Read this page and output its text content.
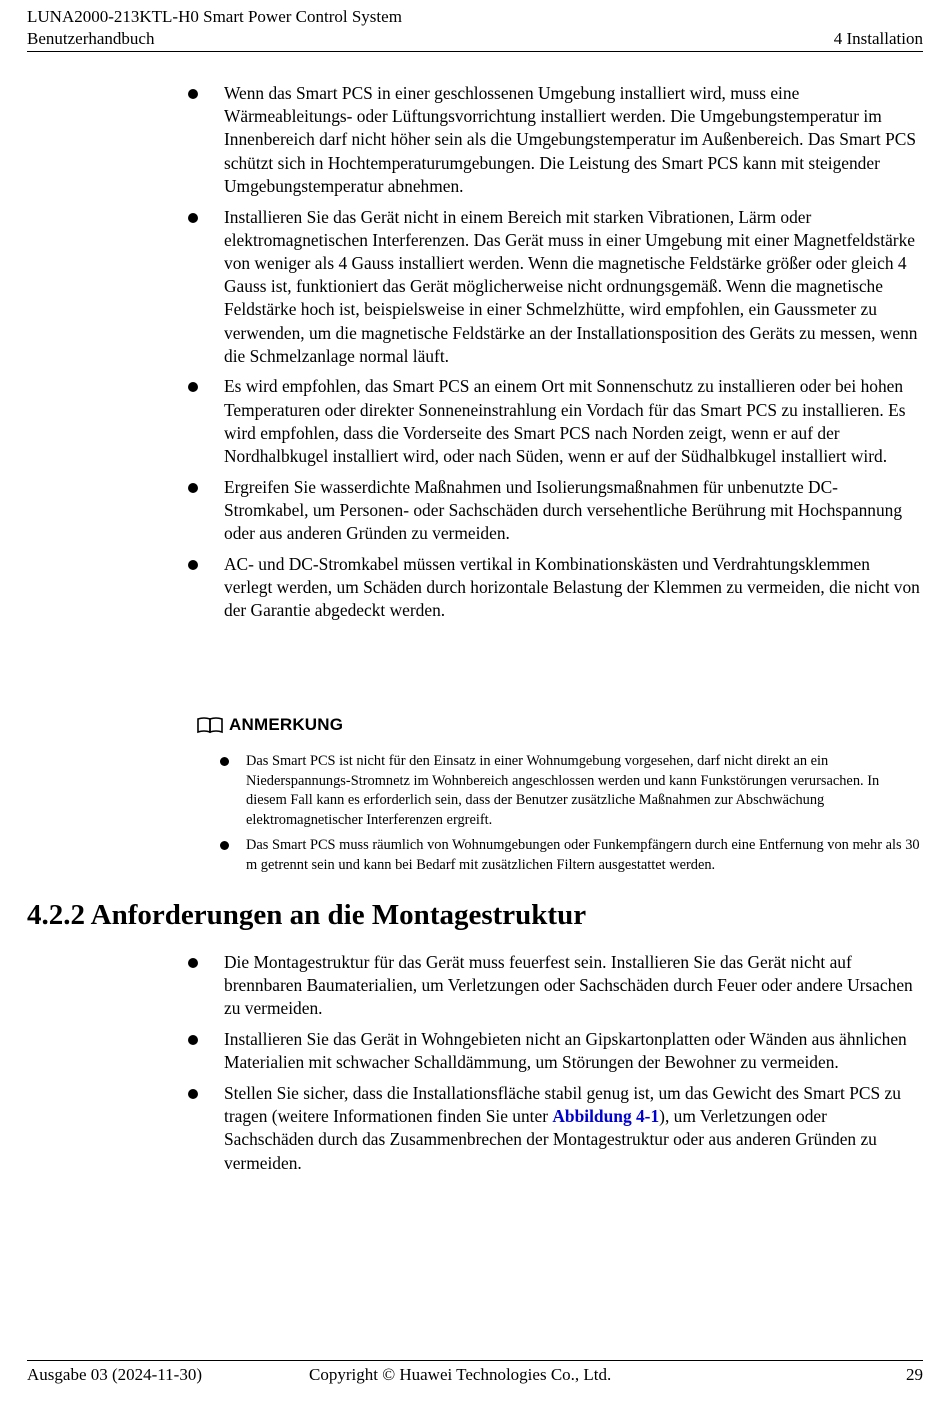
LUNA2000-213KTL-H0 Smart Power Control System
Benutzerhandbuch	4 Installation
Wenn das Smart PCS in einer geschlossenen Umgebung installiert wird, muss eine Wärmeableitungs- oder Lüftungsvorrichtung installiert werden. Die Umgebungstemperatur im Innenbereich darf nicht höher sein als die Umgebungstemperatur im Außenbereich. Das Smart PCS schützt sich in Hochtemperaturumgebungen. Die Leistung des Smart PCS kann mit steigender Umgebungstemperatur abnehmen.
Installieren Sie das Gerät nicht in einem Bereich mit starken Vibrationen, Lärm oder elektromagnetischen Interferenzen. Das Gerät muss in einer Umgebung mit einer Magnetfeldstärke von weniger als 4 Gauss installiert werden. Wenn die magnetische Feldstärke größer oder gleich 4 Gauss ist, funktioniert das Gerät möglicherweise nicht ordnungsgemäß. Wenn die magnetische Feldstärke hoch ist, beispielsweise in einer Schmelzhütte, wird empfohlen, ein Gaussmeter zu verwenden, um die magnetische Feldstärke an der Installationsposition des Geräts zu messen, wenn die Schmelzanlage normal läuft.
Es wird empfohlen, das Smart PCS an einem Ort mit Sonnenschutz zu installieren oder bei hohen Temperaturen oder direkter Sonneneinstrahlung ein Vordach für das Smart PCS zu installieren. Es wird empfohlen, dass die Vorderseite des Smart PCS nach Norden zeigt, wenn er auf der Nordhalbkugel installiert wird, oder nach Süden, wenn er auf der Südhalbkugel installiert wird.
Ergreifen Sie wasserdichte Maßnahmen und Isolierungsmaßnahmen für unbenutzte DC-Stromkabel, um Personen- oder Sachschäden durch versehentliche Berührung mit Hochspannung oder aus anderen Gründen zu vermeiden.
AC- und DC-Stromkabel müssen vertikal in Kombinationskästen und Verdrahtungsklemmen verlegt werden, um Schäden durch horizontale Belastung der Klemmen zu vermeiden, die nicht von der Garantie abgedeckt werden.
ANMERKUNG
Das Smart PCS ist nicht für den Einsatz in einer Wohnumgebung vorgesehen, darf nicht direkt an ein Niederspannungs-Stromnetz im Wohnbereich angeschlossen werden und kann Funkstörungen verursachen. In diesem Fall kann es erforderlich sein, dass der Benutzer zusätzliche Maßnahmen zur Abschwächung elektromagnetischer Interferenzen ergreift.
Das Smart PCS muss räumlich von Wohnumgebungen oder Funkempfängern durch eine Entfernung von mehr als 30 m getrennt sein und kann bei Bedarf mit zusätzlichen Filtern ausgestattet werden.
4.2.2 Anforderungen an die Montagestruktur
Die Montagestruktur für das Gerät muss feuerfest sein. Installieren Sie das Gerät nicht auf brennbaren Baumaterialien, um Verletzungen oder Sachschäden durch Feuer oder andere Ursachen zu vermeiden.
Installieren Sie das Gerät in Wohngebieten nicht an Gipskartonplatten oder Wänden aus ähnlichen Materialien mit schwacher Schalldämmung, um Störungen der Bewohner zu vermeiden.
Stellen Sie sicher, dass die Installationsfläche stabil genug ist, um das Gewicht des Smart PCS zu tragen (weitere Informationen finden Sie unter Abbildung 4-1), um Verletzungen oder Sachschäden durch das Zusammenbrechen der Montagestruktur oder aus anderen Gründen zu vermeiden.
Ausgabe 03 (2024-11-30)	Copyright © Huawei Technologies Co., Ltd.	29
